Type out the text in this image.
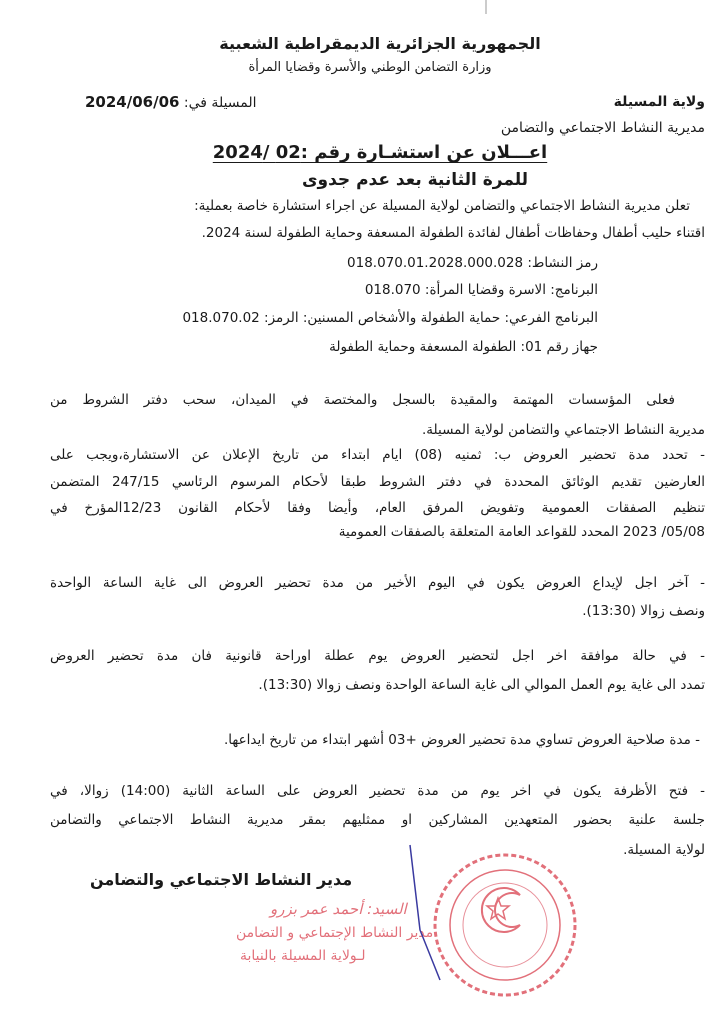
الجمهورية الجزائرية الديمقراطية الشعبية
وزارة التضامن الوطني والأسرة وقضايا المرأة
ولاية المسيلة
المسيلة في: 2024/06/06
مديرية النشاط الاجتماعي والتضامن
اعـــلان عن استشـارة رقم :02 /2024
للمرة الثانية بعد عدم جدوى
تعلن مديرية النشاط الاجتماعي والتضامن لولاية المسيلة عن اجراء استشارة خاصة بعملية:
اقتناء حليب أطفال وحفاظات أطفال لفائدة الطفولة المسعفة وحماية الطفولة لسنة 2024.
رمز النشاط: 018.070.01.2028.000.028
البرنامج: الاسرة وقضايا المرأة: 018.070
البرنامج الفرعي: حماية الطفولة والأشخاص المسنين: الرمز: 018.070.02
جهاز رقم 01: الطفولة المسعفة وحماية الطفولة
فعلى المؤسسات المهتمة والمقيدة بالسجل والمختصة في الميدان، سحب دفتر الشروط من
مديرية النشاط الاجتماعي والتضامن لولاية المسيلة.
- تحدد مدة تحضير العروض ب: ثمنيه (08) ايام ابتداء من تاريخ الإعلان عن الاستشارة،ويجب على
العارضين تقديم الوثائق المحددة في دفتر الشروط طبقا لأحكام المرسوم الرئاسي 247/15 المتضمن
تنظيم الصفقات العمومية وتفويض المرفق العام، وأيضا وفقا لأحكام القانون 12/23المؤرخ في
05/08/ 2023 المحدد للقواعد العامة المتعلقة بالصفقات العمومية
- آخر اجل لإيداع العروض يكون في اليوم الأخير من مدة تحضير العروض الى غاية الساعة الواحدة
ونصف زوالا (13:30).
- في حالة موافقة اخر اجل لتحضير العروض يوم عطلة اوراحة قانونية فان مدة تحضير العروض
تمدد الى غاية يوم العمل الموالي الى غاية الساعة الواحدة ونصف زوالا (13:30).
- مدة صلاحية العروض تساوي مدة تحضير العروض +03 أشهر ابتداء من تاريخ ايداعها.
- فتح الأظرفة يكون في اخر يوم من مدة تحضير العروض على الساعة الثانية (14:00) زوالا، في
جلسة علنية بحضور المتعهدين المشاركين او ممثليهم بمقر مديرية النشاط الاجتماعي والتضامن
لولاية المسيلة.
مدير النشاط الاجتماعي والتضامن
السيد: أحمد عمر بزرو
مدير النشاط الإجتماعي و التضامن
لـولاية المسيلة بالنيابة
